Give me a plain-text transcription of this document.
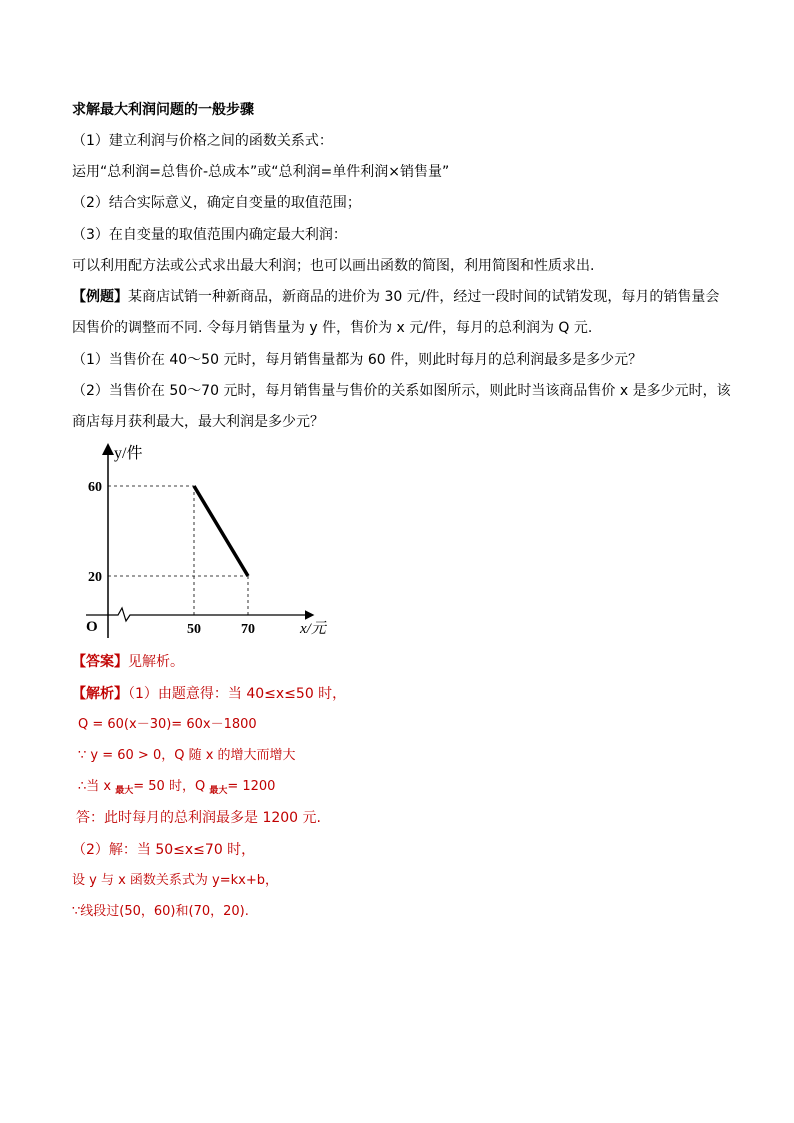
求解最大利润问题的一般步骤
（1）建立利润与价格之间的函数关系式：
运用“总利润=总售价-总成本”或“总利润=单件利润×销售量”
（2）结合实际意义，确定自变量的取值范围；
（3）在自变量的取值范围内确定最大利润：
可以利用配方法或公式求出最大利润；也可以画出函数的简图，利用简图和性质求出.
【例题】某商店试销一种新商品，新商品的进价为 30 元/件，经过一段时间的试销发现，每月的销售量会
因售价的调整而不同. 令每月销售量为 y 件，售价为 x 元/件，每月的总利润为 Q 元.
（1）当售价在 40～50 元时，每月销售量都为 60 件，则此时每月的总利润最多是多少元？
（2）当售价在 50～70 元时，每月销售量与售价的关系如图所示，则此时当该商品售价 x 是多少元时，该
商店每月获利最大，最大利润是多少元？
y/件
x/元
O	50	70
60
20
【答案】见解析。
【解析】（1）由题意得：当 40≤x≤50 时，
Q = 60(x－30)= 60x－1800
∵ y = 60 > 0，Q 随 x 的增大而增大
∴当 x $_{最大}$= 50 时，Q $_{最大}$= 1200
答：此时每月的总利润最多是 1200 元.
（2）解：当 50≤x≤70 时，
设 y 与 x 函数关系式为 y=kx+b，
∵线段过(50，60)和(70，20).
